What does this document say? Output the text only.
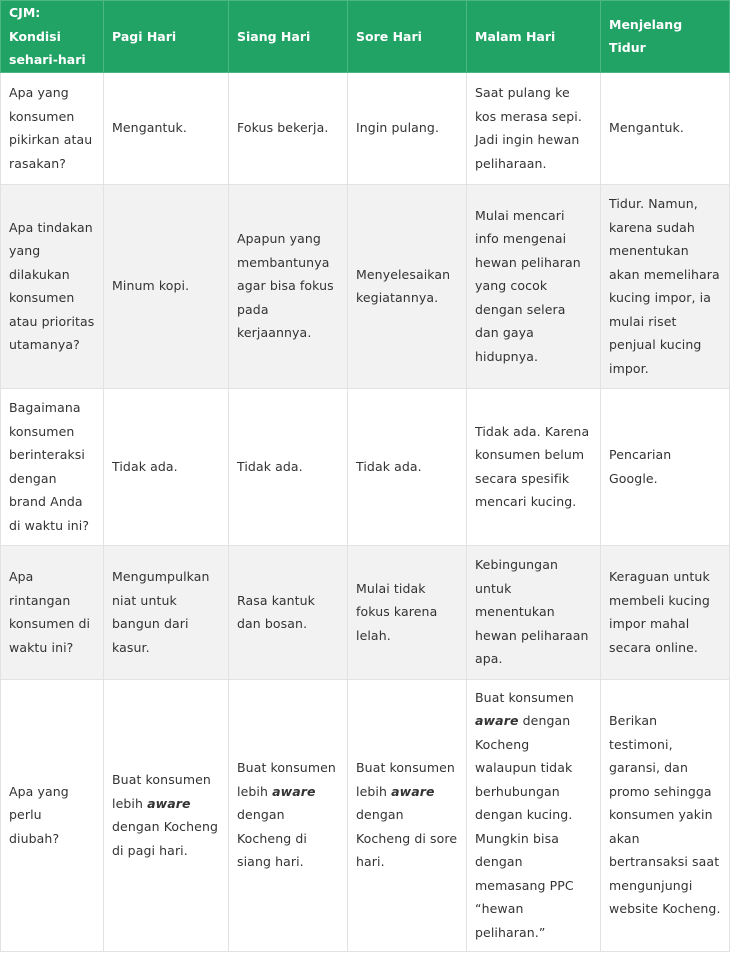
CJM: Kondisi sehari-hari	Pagi Hari	Siang Hari	Sore Hari	Malam Hari	Menjelang Tidur
Apa yang konsumen pikirkan atau rasakan?	Mengantuk.	Fokus bekerja.	Ingin pulang.	Saat pulang ke kos merasa sepi. Jadi ingin hewan peliharaan.	Mengantuk.
Apa tindakan yang dilakukan konsumen atau prioritas utamanya?	Minum kopi.	Apapun yang membantunya agar bisa fokus pada kerjaannya.	Menyelesaikan kegiatannya.	Mulai mencari info mengenai hewan peliharan yang cocok dengan selera dan gaya hidupnya.	Tidur. Namun, karena sudah menentukan akan memelihara kucing impor, ia mulai riset penjual kucing impor.
Bagaimana konsumen berinteraksi dengan brand Anda di waktu ini?	Tidak ada.	Tidak ada.	Tidak ada.	Tidak ada. Karena konsumen belum secara spesifik mencari kucing.	Pencarian Google.
Apa rintangan konsumen di waktu ini?	Mengumpulkan niat untuk bangun dari kasur.	Rasa kantuk dan bosan.	Mulai tidak fokus karena lelah.	Kebingungan untuk menentukan hewan peliharaan apa.	Keraguan untuk membeli kucing impor mahal secara online.
Apa yang perlu diubah?	Buat konsumen lebih aware dengan Kocheng di pagi hari.	Buat konsumen lebih aware dengan Kocheng di siang hari.	Buat konsumen lebih aware dengan Kocheng di sore hari.	Buat konsumen aware dengan Kocheng walaupun tidak berhubungan dengan kucing. Mungkin bisa dengan memasang PPC “hewan peliharan.”	Berikan testimoni, garansi, dan promo sehingga konsumen yakin akan bertransaksi saat mengunjungi website Kocheng.
